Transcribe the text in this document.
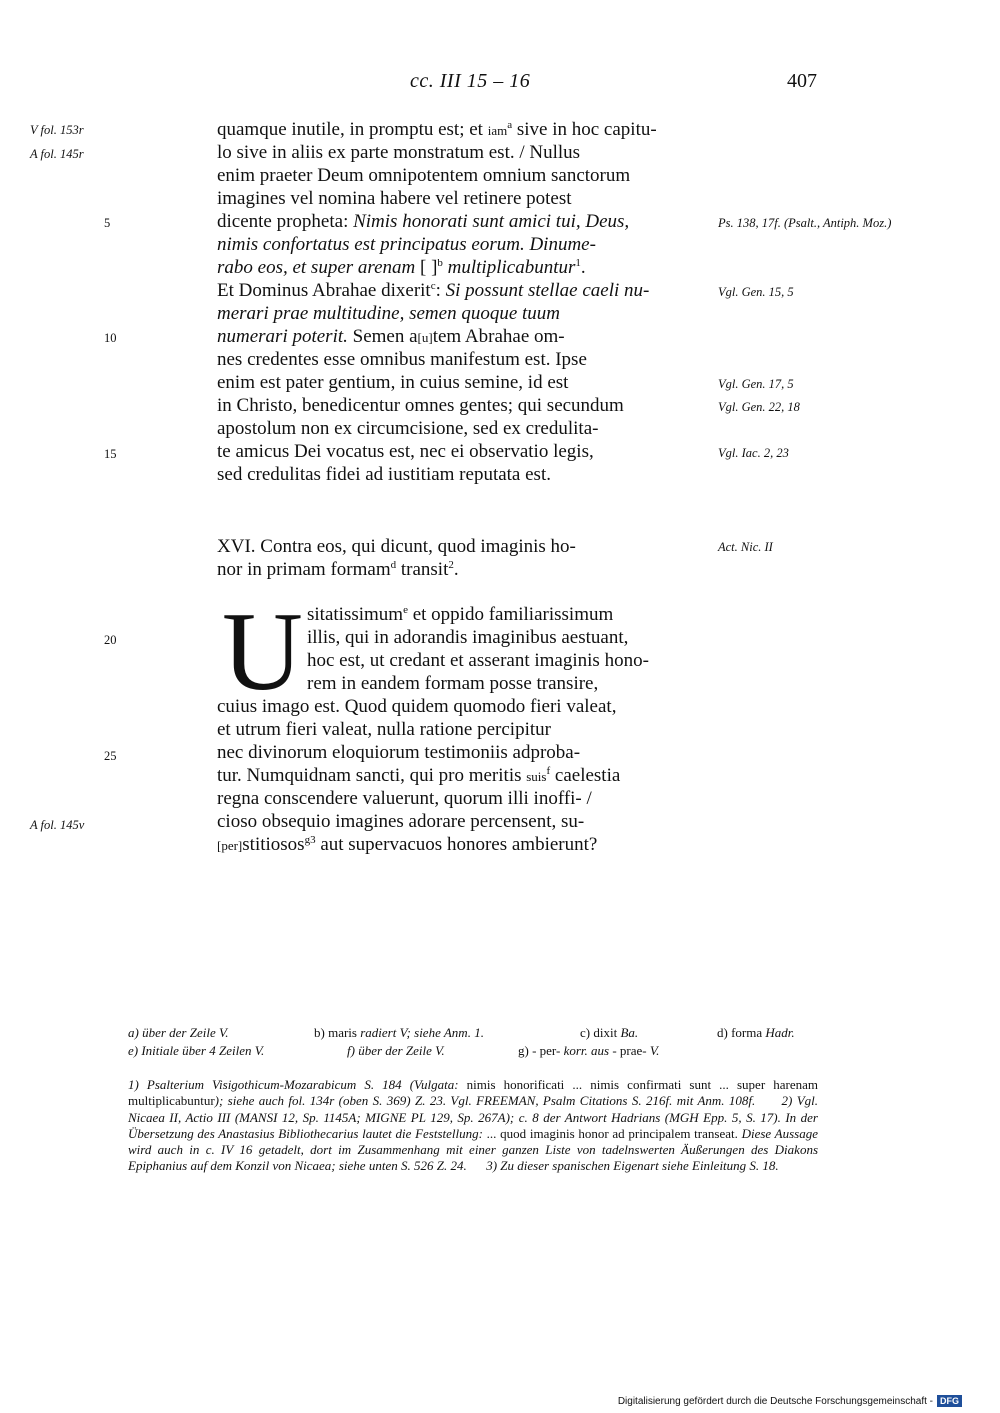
cc. III 15 – 16	407
V fol. 153r
A fol. 145r
A fol. 145v
5
10
15
20
25
quamque inutile, in promptu est; et iam$^a$ sive in hoc capitu-
lo sive in aliis ex parte monstratum est. / Nullus
enim praeter Deum omnipotentem omnium sanctorum
imagines vel nomina habere vel retinere potest
dicente propheta: Nimis honorati sunt amici tui, Deus,
nimis confortatus est principatus eorum. Dinume-
rabo eos, et super arenam [ ]$^b$ multiplicabuntur$^1$.
Et Dominus Abrahae dixerit$^c$: Si possunt stellae caeli nu-
merari prae multitudine, semen quoque tuum
numerari poterit. Semen a[u]tem Abrahae om-
nes credentes esse omnibus manifestum est. Ipse
enim est pater gentium, in cuius semine, id est
in Christo, benedicentur omnes gentes; qui secundum
apostolum non ex circumcisione, sed ex credulita-
te amicus Dei vocatus est, nec ei observatio legis,
sed credulitas fidei ad iustitiam reputata est.
XVI. Contra eos, qui dicunt, quod imaginis ho-
nor in primam formam$^d$ transit$^2$.
U sitatissimum$^e$ et oppido familiarissimum
illis, qui in adorandis imaginibus aestuant,
hoc est, ut credant et asserant imaginis hono-
rem in eandem formam posse transire,
cuius imago est. Quod quidem quomodo fieri valeat,
et utrum fieri valeat, nulla ratione percipitur
nec divinorum eloquiorum testimoniis adproba-
tur. Numquidnam sancti, qui pro meritis suis$^f$ caelestia
regna conscendere valuerunt, quorum illi inoffi- /
cioso obsequio imagines adorare percensent, su-
[per]stitiosos$^{g3}$ aut supervacuos honores ambierunt?
Ps. 138, 17f. (Psalt., Antiph. Moz.)
Vgl. Gen. 15, 5
Vgl. Gen. 17, 5
Vgl. Gen. 22, 18
Vgl. Iac. 2, 23
Act. Nic. II
a) über der Zeile V.	b) maris radiert V; siehe Anm. 1.	c) dixit Ba.	d) forma Hadr.
e) Initiale über 4 Zeilen V.	f) über der Zeile V.	g) - per- korr. aus - prae- V.
1) Psalterium Visigothicum-Mozarabicum S. 184 (Vulgata: nimis honorificati ... nimis confirmati sunt ... super harenam multiplicabuntur); siehe auch fol. 134r (oben S. 369) Z. 23. Vgl. FREEMAN, Psalm Citations S. 216f. mit Anm. 108f. 2) Vgl. Nicaea II, Actio III (MANSI 12, Sp. 1145A; MIGNE PL 129, Sp. 267A); c. 8 der Antwort Hadrians (MGH Epp. 5, S. 17). In der Übersetzung des Anastasius Bibliothecarius lautet die Feststellung: ... quod imaginis honor ad principalem transeat. Diese Aussage wird auch in c. IV 16 getadelt, dort im Zusammenhang mit einer ganzen Liste von tadelnswerten Äußerungen des Diakons Epiphanius auf dem Konzil von Nicaea; siehe unten S. 526 Z. 24. 3) Zu dieser spanischen Eigenart siehe Einleitung S. 18.
Digitalisierung gefördert durch die Deutsche Forschungsgemeinschaft - DFG
